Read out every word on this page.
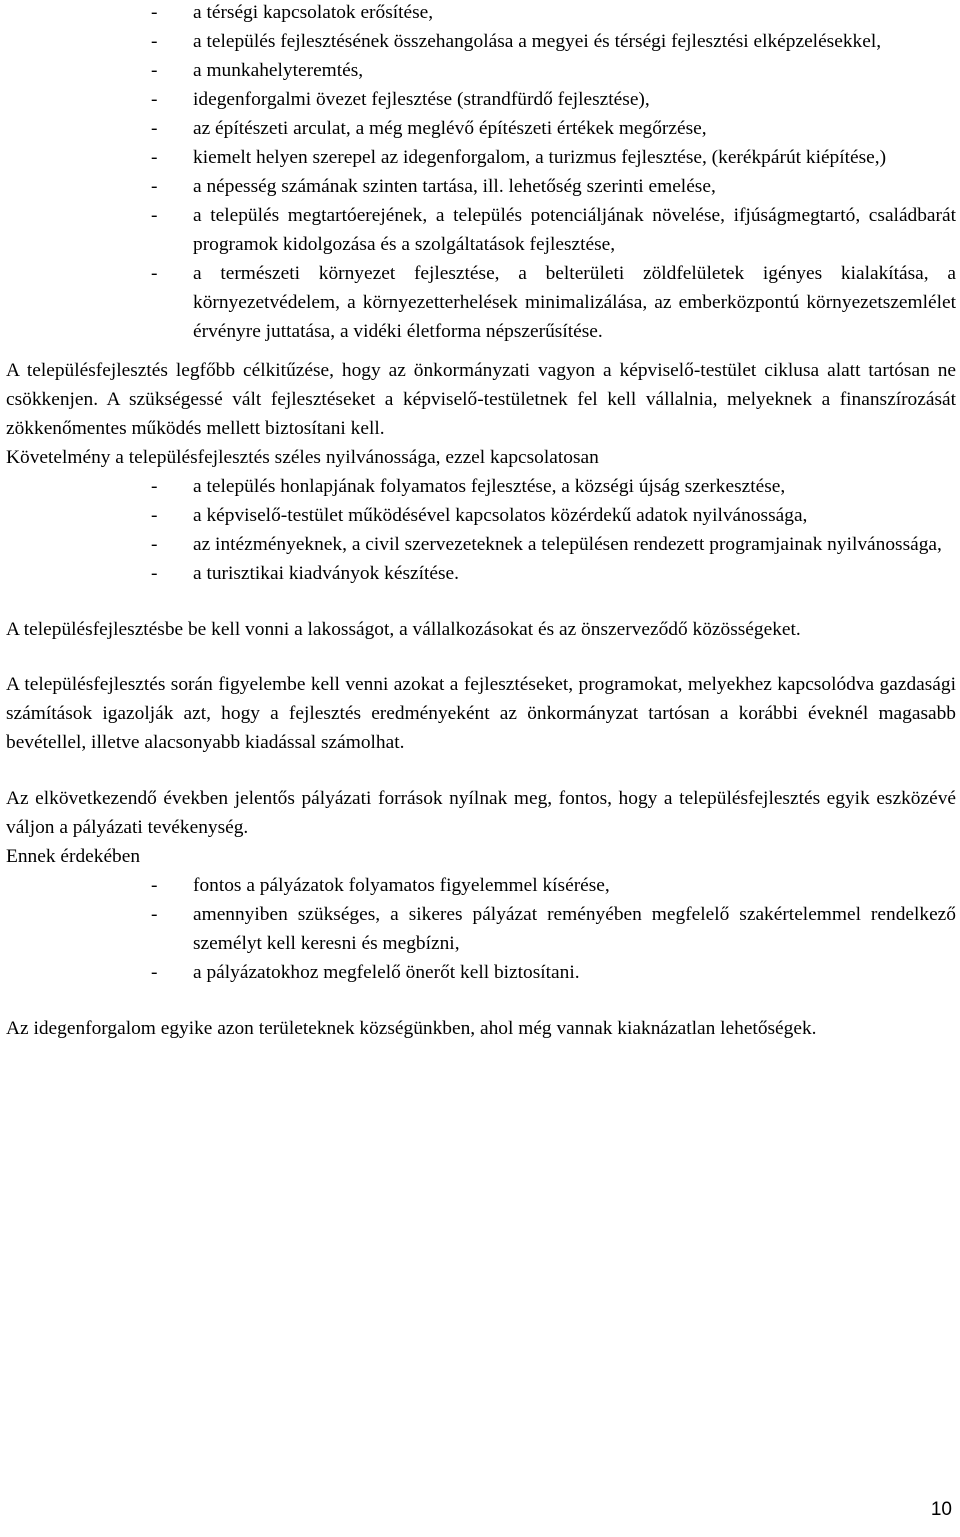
- a térségi kapcsolatok erősítése,
- a település fejlesztésének összehangolása a megyei és térségi fejlesztési elképzelésekkel,
- a munkahelyteremtés,
- idegenforgalmi övezet fejlesztése (strandfürdő fejlesztése),
- az építészeti arculat, a még meglévő építészeti értékek megőrzése,
- kiemelt helyen szerepel az idegenforgalom, a turizmus fejlesztése, (kerékpárút kiépítése,)
- a népesség számának szinten tartása, ill. lehetőség szerinti emelése,
- a település megtartóerejének, a település potenciáljának növelése, ifjúságmegtartó, családbarát programok kidolgozása és a szolgáltatások fejlesztése,
- a természeti környezet fejlesztése, a belterületi zöldfelületek igényes kialakítása, a környezetvédelem, a környezetterhelések minimalizálása, az emberközpontú környezetszemlélet érvényre juttatása, a vidéki életforma népszerűsítése.

A településfejlesztés legfőbb célkitűzése, hogy az önkormányzati vagyon a képviselő-testület ciklusa alatt tartósan ne csökkenjen. A szükségessé vált fejlesztéseket a képviselő-testületnek fel kell vállalnia, melyeknek a finanszírozását zökkenőmentes működés mellett biztosítani kell.

Követelmény a településfejlesztés széles nyilvánossága, ezzel kapcsolatosan

- a település honlapjának folyamatos fejlesztése, a községi újság szerkesztése,
- a képviselő-testület működésével kapcsolatos közérdekű adatok nyilvánossága,
- az intézményeknek, a civil szervezeteknek a településen rendezett programjainak nyilvánossága,
- a turisztikai kiadványok készítése.

A településfejlesztésbe be kell vonni a lakosságot, a vállalkozásokat és az önszerveződő közösségeket.

A településfejlesztés során figyelembe kell venni azokat a fejlesztéseket, programokat, melyekhez kapcsolódva gazdasági számítások igazolják azt, hogy a fejlesztés eredményeként az önkormányzat tartósan a korábbi éveknél magasabb bevétellel, illetve alacsonyabb kiadással számolhat.

Az elkövetkezendő években jelentős pályázati források nyílnak meg, fontos, hogy a településfejlesztés egyik eszközévé váljon a pályázati tevékenység.

Ennek érdekében

- fontos a pályázatok folyamatos figyelemmel kísérése,
- amennyiben szükséges, a sikeres pályázat reményében megfelelő szakértelemmel rendelkező személyt kell keresni és megbízni,
- a pályázatokhoz megfelelő önerőt kell biztosítani.

Az idegenforgalom egyike azon területeknek községünkben, ahol még vannak kiaknázatlan lehetőségek.

10
